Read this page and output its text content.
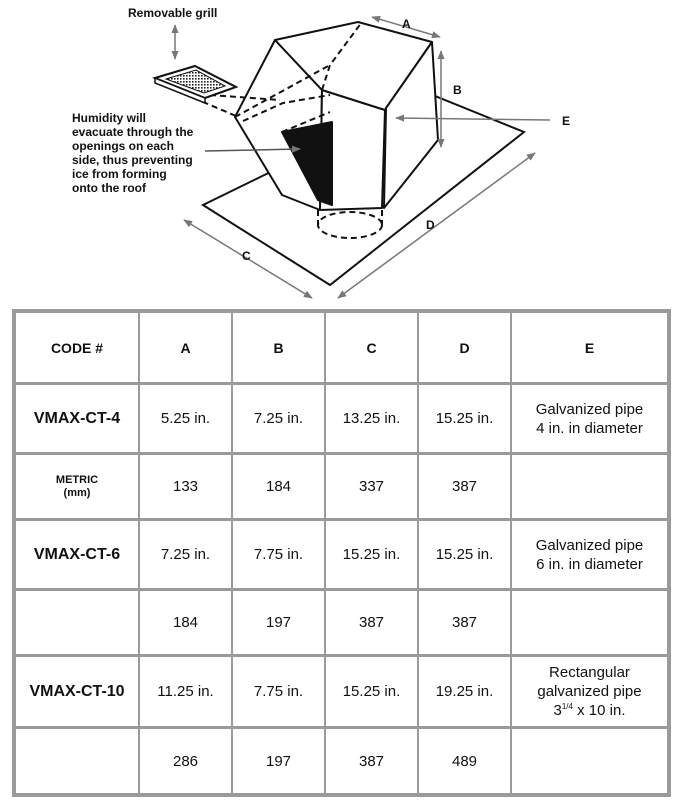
Removable grill
Humidity will evacuate through the openings on each side, thus preventing ice from forming onto the roof
A
B
E
C
D
CODE #	A	B	C	D	E
VMAX-CT-4	5.25 in.	7.25 in.	13.25 in.	15.25 in.	Galvanized pipe
4 in. in diameter

METRIC
(mm)	133	184	337	387	
VMAX-CT-6	7.25 in.	7.75 in.	15.25 in.	15.25 in.	Galvanized pipe
6 in. in diameter

	184	197	387	387	
VMAX-CT-10	11.25 in.	7.75 in.	15.25 in.	19.25 in.	Rectangular
galvanized pipe
$3^{1/4}$ x 10 in.

	286	197	387	489	
